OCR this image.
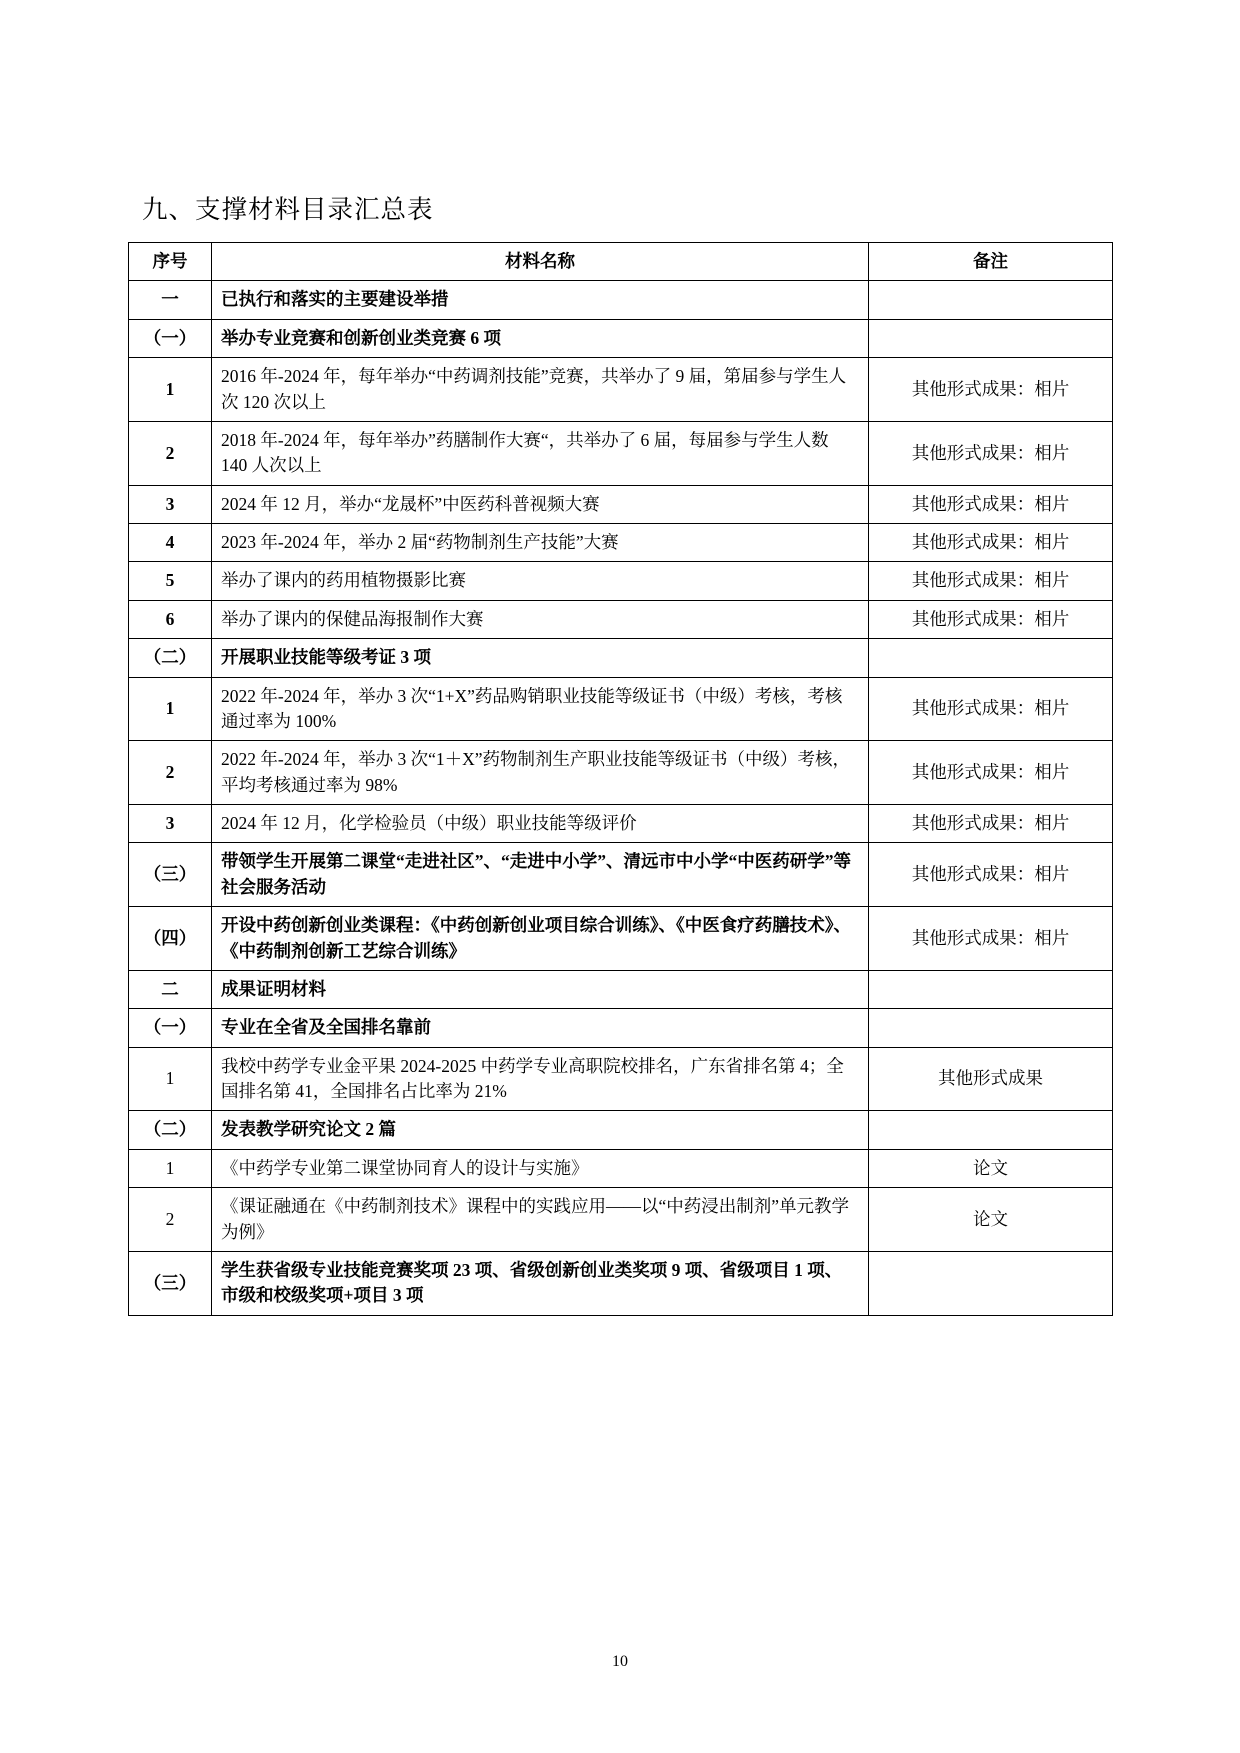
九、支撑材料目录汇总表
序号	材料名称	备注
一	已执行和落实的主要建设举措	
（一）	举办专业竞赛和创新创业类竞赛 6 项	
1	2016 年-2024 年，每年举办“中药调剂技能”竞赛，共举办了 9 届，第届参与学生人次 120 次以上	其他形式成果：相片
2	2018 年-2024 年，每年举办”药膳制作大赛“，共举办了 6 届，每届参与学生人数 140 人次以上	其他形式成果：相片
3	2024 年 12 月，举办“龙晟杯”中医药科普视频大赛	其他形式成果：相片
4	2023 年-2024 年，举办 2 届“药物制剂生产技能”大赛	其他形式成果：相片
5	举办了课内的药用植物摄影比赛	其他形式成果：相片
6	举办了课内的保健品海报制作大赛	其他形式成果：相片
（二）	开展职业技能等级考证 3 项	
1	2022 年-2024 年，举办 3 次“1+X”药品购销职业技能等级证书（中级）考核，考核通过率为 100%	其他形式成果：相片
2	2022 年-2024 年，举办 3 次“1＋X”药物制剂生产职业技能等级证书（中级）考核，平均考核通过率为 98%	其他形式成果：相片
3	2024 年 12 月，化学检验员（中级）职业技能等级评价	其他形式成果：相片
（三）	带领学生开展第二课堂“走进社区”、“走进中小学”、清远市中小学“中医药研学”等社会服务活动	其他形式成果：相片
（四）	开设中药创新创业类课程：《中药创新创业项目综合训练》、《中医食疗药膳技术》、《中药制剂创新工艺综合训练》	其他形式成果：相片
二	成果证明材料	
（一）	专业在全省及全国排名靠前	
1	我校中药学专业金平果 2024-2025 中药学专业高职院校排名，广东省排名第 4；全国排名第 41，全国排名占比率为 21%	其他形式成果
（二）	发表教学研究论文 2 篇	
1	《中药学专业第二课堂协同育人的设计与实施》	论文
2	《课证融通在《中药制剂技术》课程中的实践应用——以“中药浸出制剂”单元教学为例》	论文
（三）	学生获省级专业技能竞赛奖项 23 项、省级创新创业类奖项 9 项、省级项目 1 项、市级和校级奖项+项目 3 项	
10
